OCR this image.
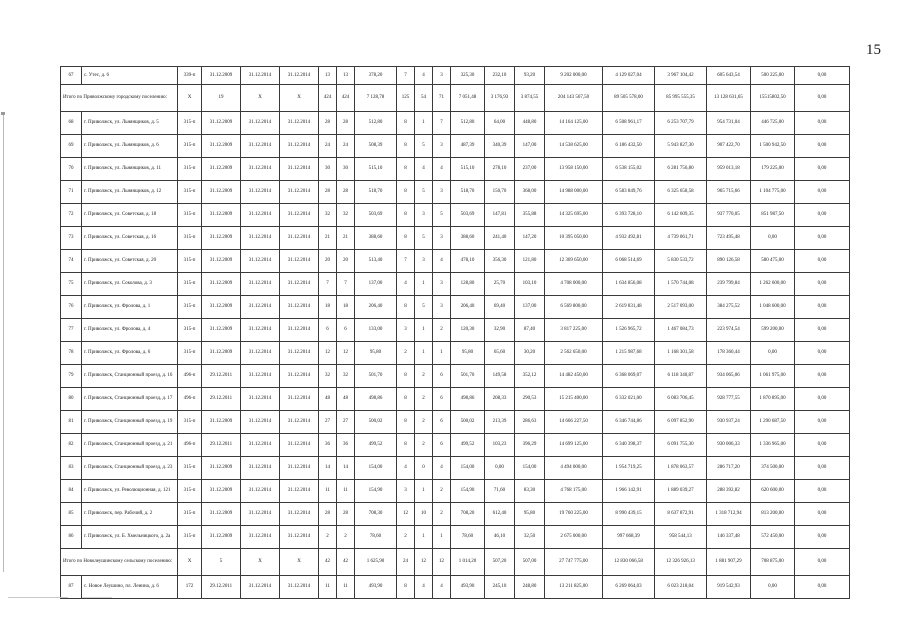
15
67	с. Утес, д. 6	339-п	31.12.2009	31.12.2014	31.12.2014	13	13	378,20	7	4	3	325,30	232,10	93,20	9 202 000,00	4 129 027,04	3 967 104,42	605 643,54	500 225,00	0,00
Итого по Приволжскому городскому поселению:		X	19	X	X	424	424	7 128,78	125	54	71	7 051,48	3 176,93	3 874,55	204 143 567,50	89 505 578,00	85 995 555,35	13 128 631,65	15515802,50	0,00
68	г. Приволжск, ул. Льнянщиков, д. 5	315-п	31.12.2009	31.12.2014	31.12.2014	28	28	512,80	8	1	7	512,80	64,00	448,80	14 164 125,00	6 508 961,17	6 253 707,79	954 731,04	446 725,00	0,00
69	г. Приволжск, ул. Льнянщиков, д. 6	315-п	31.12.2009	31.12.2014	31.12.2014	24	24	508,39	8	5	3	487,39	340,39	147,00	14 538 625,00	6 186 432,50	5 943 827,30	907 422,70	1 500 942,50	0,00
70	г. Приволжск, ул. Льнянщиков, д. 11	315-п	31.12.2009	31.12.2014	31.12.2014	30	30	515,10	8	4	4	515,10	278,10	237,00	13 958 150,00	6 538 155,02	6 281 756,80	959 013,18	179 225,00	0,00
71	г. Приволжск, ул. Льнянщиков, д. 12	315-п	31.12.2009	31.12.2014	31.12.2014	28	28	518,70	8	5	3	518,70	150,70	368,00	14 988 000,00	6 583 849,76	6 325 658,58	965 715,66	1 104 775,00	0,00
72	г. Приволжск, ул. Советская, д. 18	315-п	31.12.2009	31.12.2014	31.12.2014	32	32	503,69	8	3	5	503,69	147,81	355,88	14 325 695,00	6 393 728,10	6 142 609,35	937 770,05	851 987,50	0,00
73	г. Приволжск, ул. Советская, д. 16	315-п	31.12.2009	31.12.2014	31.12.2014	21	21	388,60	8	5	3	388,60	241,40	147,20	10 395 050,00	4 932 492,81	4 739 061,71	723 495,48	0,00	0,00
74	г. Приволжск, ул. Советская, д. 20	315-п	31.12.2009	31.12.2014	31.12.2014	20	20	513,40	7	3	4	478,10	356,30	121,80	12 369 650,00	6 068 514,69	5 830 533,72	890 126,58	580 475,00	0,00
75	г. Приволжск, ул. Соколова, д. 3	315-п	31.12.2009	31.12.2014	31.12.2014	7	7	137,00	4	1	3	128,80	25,70	103,10	4 708 000,00	1 634 856,08	1 570 744,08	239 799,84	1 262 600,00	0,00
76	г. Приволжск, ул. Фролова, д. 1	315-п	31.12.2009	31.12.2014	31.12.2014	18	18	206,40	8	5	3	206,40	69,40	137,00	6 569 800,00	2 619 831,48	2 517 093,00	384 275,52	1 048 600,00	0,00
77	г. Приволжск, ул. Фролова, д. 4	315-п	31.12.2009	31.12.2014	31.12.2014	6	6	133,00	3	1	2	120,30	32,90	87,40	3 817 225,00	1 526 965,72	1 467 084,73	223 974,54	599 200,00	0,00
78	г. Приволжск, ул. Фролова, д. 6	315-п	31.12.2009	31.12.2014	31.12.2014	12	12	95,80	2	1	1	95,80	65,60	30,20	2 562 650,00	1 215 987,68	1 168 301,58	178 360,44	0,00	0,00
79	г. Приволжск, Станционный проезд, д. 16	496-п	29.12.2011	31.12.2014	31.12.2014	32	32	501,70	8	2	6	501,70	149,58	352,12	14 482 450,00	6 368 069,07	6 118 340,87	934 065,06	1 061 975,00	0,00
80	г. Приволжск, Станционный проезд, д. 17	496-п	29.12.2011	31.12.2014	31.12.2014	48	48	498,86	8	2	6	498,86	208,33	290,53	15 215 400,00	6 332 021,00	6 083 706,45	928 777,55	1 870 895,00	0,00
81	г. Приволжск, Станционный проезд, д. 19	315-п	31.12.2009	31.12.2014	31.12.2014	27	27	500,02	8	2	6	500,02	213,39	286,63	14 666 227,50	6 346 744,86	6 097 852,90	930 937,24	1 290 687,50	0,00
82	г. Приволжск, Станционный проезд, д. 21	496-п	29.12.2011	31.12.2014	31.12.2014	36	36	499,52	8	2	6	499,52	103,23	396,29	14 699 125,00	6 340 398,37	6 091 755,30	930 006,33	1 336 965,00	0,00
83	г. Приволжск, Станционный проезд, д. 23	315-п	31.12.2009	31.12.2014	31.12.2014	14	14	154,00	4	0	4	154,00	0,00	154,00	4 494 000,00	1 954 719,25	1 878 063,57	286 717,20	374 500,00	0,00
84	г. Приволжск, ул. Революционная, д. 121	315-п	31.12.2009	31.12.2014	31.12.2014	11	11	154,90	3	1	2	154,90	71,60	83,30	4 768 175,00	1 966 142,91	1 889 039,27	288 392,82	620 600,00	0,00
85	г. Приволжск, пер. Рабочий, д. 2	315-п	31.12.2009	31.12.2014	31.12.2014	28	28	708,30	12	10	2	708,20	612,40	95,80	19 760 225,00	8 990 439,15	8 637 872,91	1 318 712,94	813 200,00	0,00
86	г. Приволжск, ул. Б. Хмельницкого, д. 2а	315-п	31.12.2009	31.12.2014	31.12.2014	2	2	78,60	2	1	1	78,60	46,10	32,50	2 675 000,00	997 668,39	958 544,13	146 337,48	572 450,00	0,00
Итого по Новолеушинскому сельскому поселению:		X	5	X	X	42	42	1 625,90	24	12	12	1 014,20	507,20	507,00	27 747 775,00	12 830 066,58	12 326 926,13	1 881 907,29	708 875,00	0,00
87	с. Новое Леушино, пл. Ленина, д. 6	172	29.12.2011	31.12.2014	31.12.2014	11	11	493,90	8	4	4	493,90	245,10	248,80	13 211 825,00	6 269 064,03	6 023 218,04	919 542,93	0,00	0,00
